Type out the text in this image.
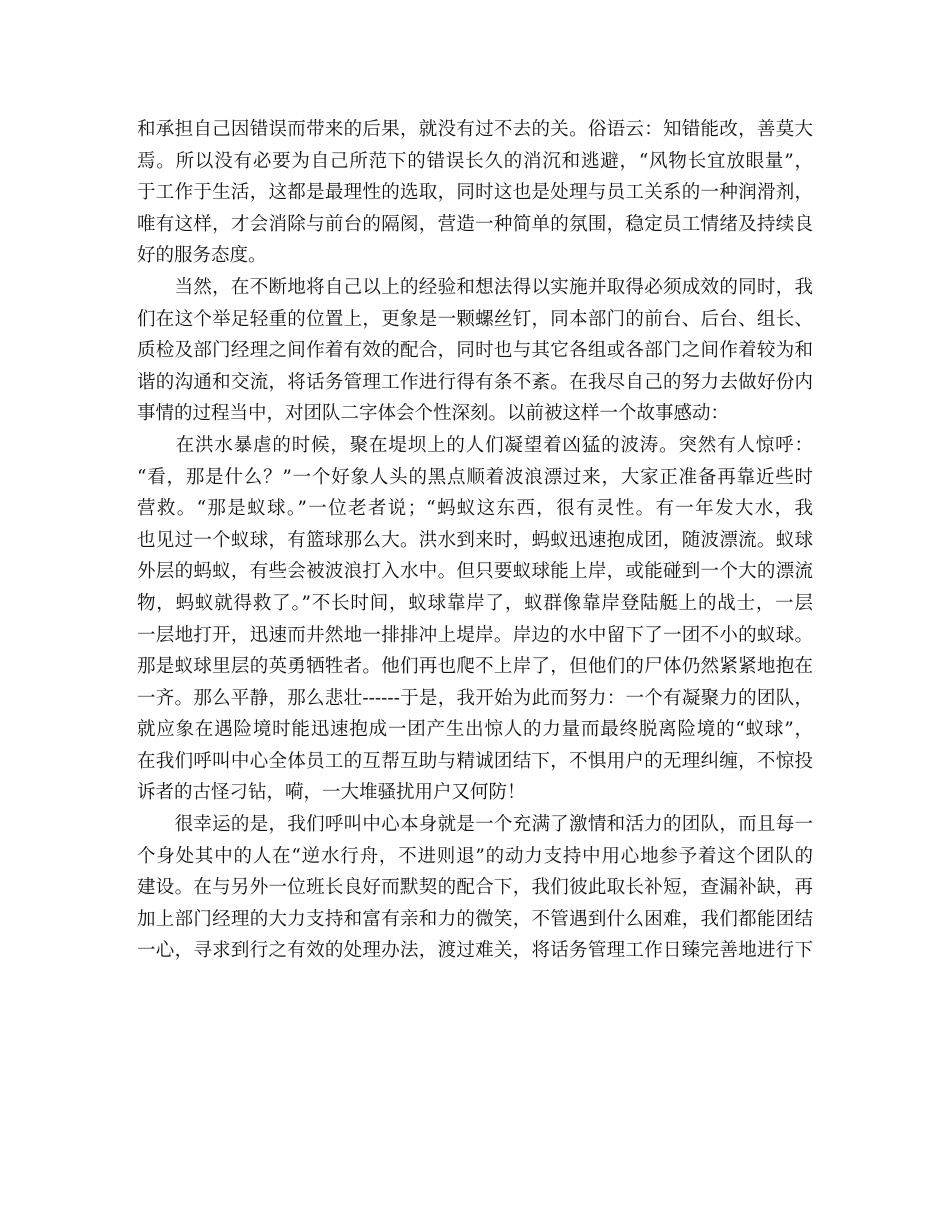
和承担自己因错误而带来的后果，就没有过不去的关。俗语云：知错能改，善莫大
焉。所以没有必要为自己所范下的错误长久的消沉和逃避，“风物长宜放眼量”，
于工作于生活，这都是最理性的选取，同时这也是处理与员工关系的一种润滑剂，
唯有这样，才会消除与前台的隔阂，营造一种简单的氛围，稳定员工情绪及持续良
好的服务态度。
　　当然，在不断地将自己以上的经验和想法得以实施并取得必须成效的同时，我
们在这个举足轻重的位置上，更象是一颗螺丝钉，同本部门的前台、后台、组长、
质检及部门经理之间作着有效的配合，同时也与其它各组或各部门之间作着较为和
谐的沟通和交流，将话务管理工作进行得有条不紊。在我尽自己的努力去做好份内
事情的过程当中，对团队二字体会个性深刻。以前被这样一个故事感动：
　　在洪水暴虐的时候，聚在堤坝上的人们凝望着凶猛的波涛。突然有人惊呼：
“看，那是什么？”一个好象人头的黑点顺着波浪漂过来，大家正准备再靠近些时
营救。“那是蚁球。”一位老者说；“蚂蚁这东西，很有灵性。有一年发大水，我
也见过一个蚁球，有篮球那么大。洪水到来时，蚂蚁迅速抱成团，随波漂流。蚁球
外层的蚂蚁，有些会被波浪打入水中。但只要蚁球能上岸，或能碰到一个大的漂流
物，蚂蚁就得救了。”不长时间，蚁球靠岸了，蚁群像靠岸登陆艇上的战士，一层
一层地打开，迅速而井然地一排排冲上堤岸。岸边的水中留下了一团不小的蚁球。
那是蚁球里层的英勇牺牲者。他们再也爬不上岸了，但他们的尸体仍然紧紧地抱在
一齐。那么平静，那么悲壮------于是，我开始为此而努力：一个有凝聚力的团队，
就应象在遇险境时能迅速抱成一团产生出惊人的力量而最终脱离险境的“蚁球”，
在我们呼叫中心全体员工的互帮互助与精诚团结下，不惧用户的无理纠缠，不惊投
诉者的古怪刁钻，嗬，一大堆骚扰用户又何防！
　　很幸运的是，我们呼叫中心本身就是一个充满了激情和活力的团队，而且每一
个身处其中的人在“逆水行舟，不进则退”的动力支持中用心地参予着这个团队的
建设。在与另外一位班长良好而默契的配合下，我们彼此取长补短，查漏补缺，再
加上部门经理的大力支持和富有亲和力的微笑，不管遇到什么困难，我们都能团结
一心，寻求到行之有效的处理办法，渡过难关，将话务管理工作日臻完善地进行下
